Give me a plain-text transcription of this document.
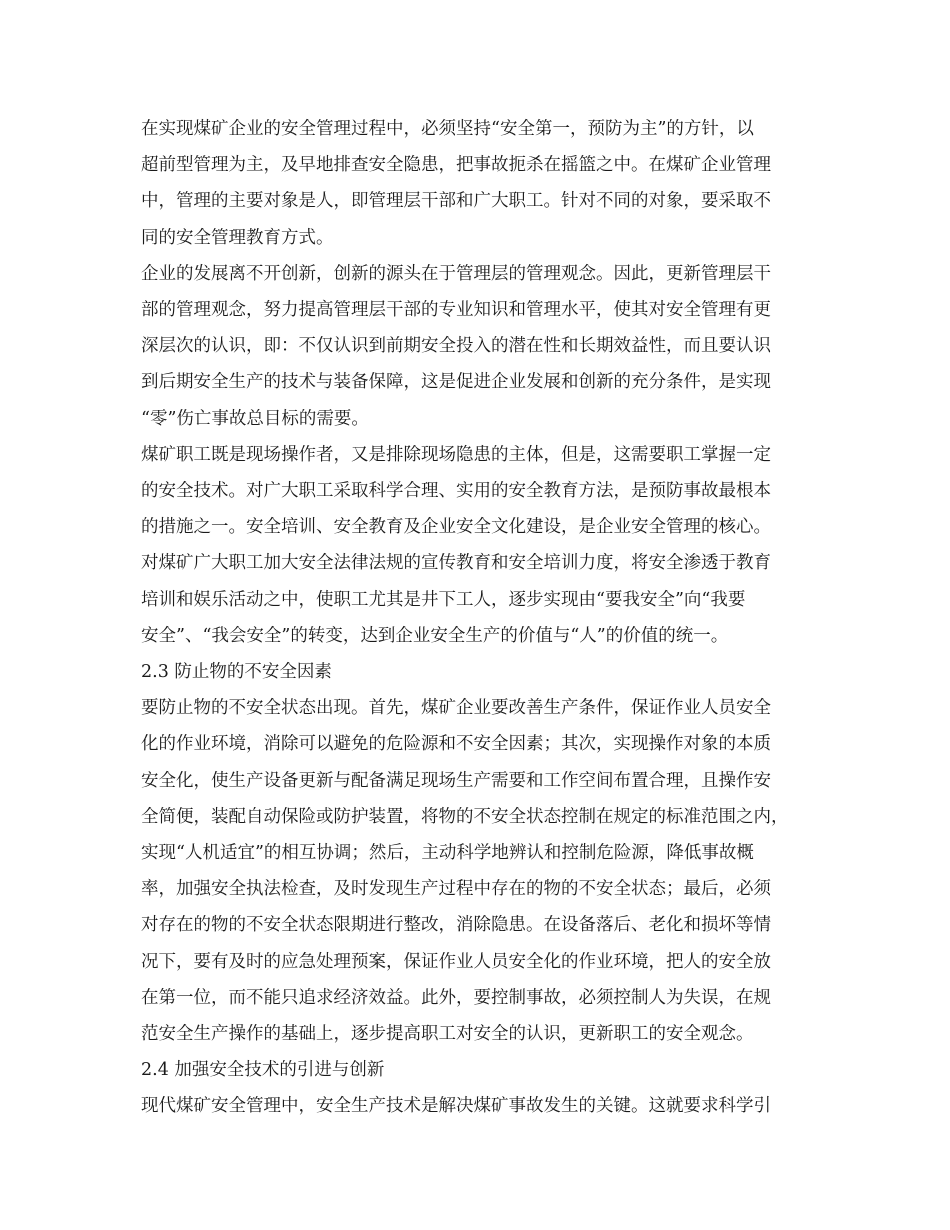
在实现煤矿企业的安全管理过程中，必须坚持“安全第一，预防为主”的方针，以
超前型管理为主，及早地排查安全隐患，把事故扼杀在摇篮之中。在煤矿企业管理
中，管理的主要对象是人，即管理层干部和广大职工。针对不同的对象，要采取不
同的安全管理教育方式。
企业的发展离不开创新，创新的源头在于管理层的管理观念。因此，更新管理层干
部的管理观念，努力提高管理层干部的专业知识和管理水平，使其对安全管理有更
深层次的认识，即：不仅认识到前期安全投入的潜在性和长期效益性，而且要认识
到后期安全生产的技术与装备保障，这是促进企业发展和创新的充分条件，是实现
“零”伤亡事故总目标的需要。
煤矿职工既是现场操作者，又是排除现场隐患的主体，但是，这需要职工掌握一定
的安全技术。对广大职工采取科学合理、实用的安全教育方法，是预防事故最根本
的措施之一。安全培训、安全教育及企业安全文化建设，是企业安全管理的核心。
对煤矿广大职工加大安全法律法规的宣传教育和安全培训力度，将安全渗透于教育
培训和娱乐活动之中，使职工尤其是井下工人，逐步实现由“要我安全”向“我要
安全”、“我会安全”的转变，达到企业安全生产的价值与“人”的价值的统一。
2.3 防止物的不安全因素
要防止物的不安全状态出现。首先，煤矿企业要改善生产条件，保证作业人员安全
化的作业环境，消除可以避免的危险源和不安全因素；其次，实现操作对象的本质
安全化，使生产设备更新与配备满足现场生产需要和工作空间布置合理，且操作安
全简便，装配自动保险或防护装置，将物的不安全状态控制在规定的标准范围之内，
实现“人机适宜”的相互协调；然后，主动科学地辨认和控制危险源，降低事故概
率，加强安全执法检查，及时发现生产过程中存在的物的不安全状态；最后，必须
对存在的物的不安全状态限期进行整改，消除隐患。在设备落后、老化和损坏等情
况下，要有及时的应急处理预案，保证作业人员安全化的作业环境，把人的安全放
在第一位，而不能只追求经济效益。此外，要控制事故，必须控制人为失误，在规
范安全生产操作的基础上，逐步提高职工对安全的认识，更新职工的安全观念。
2.4 加强安全技术的引进与创新
现代煤矿安全管理中，安全生产技术是解决煤矿事故发生的关键。这就要求科学引
